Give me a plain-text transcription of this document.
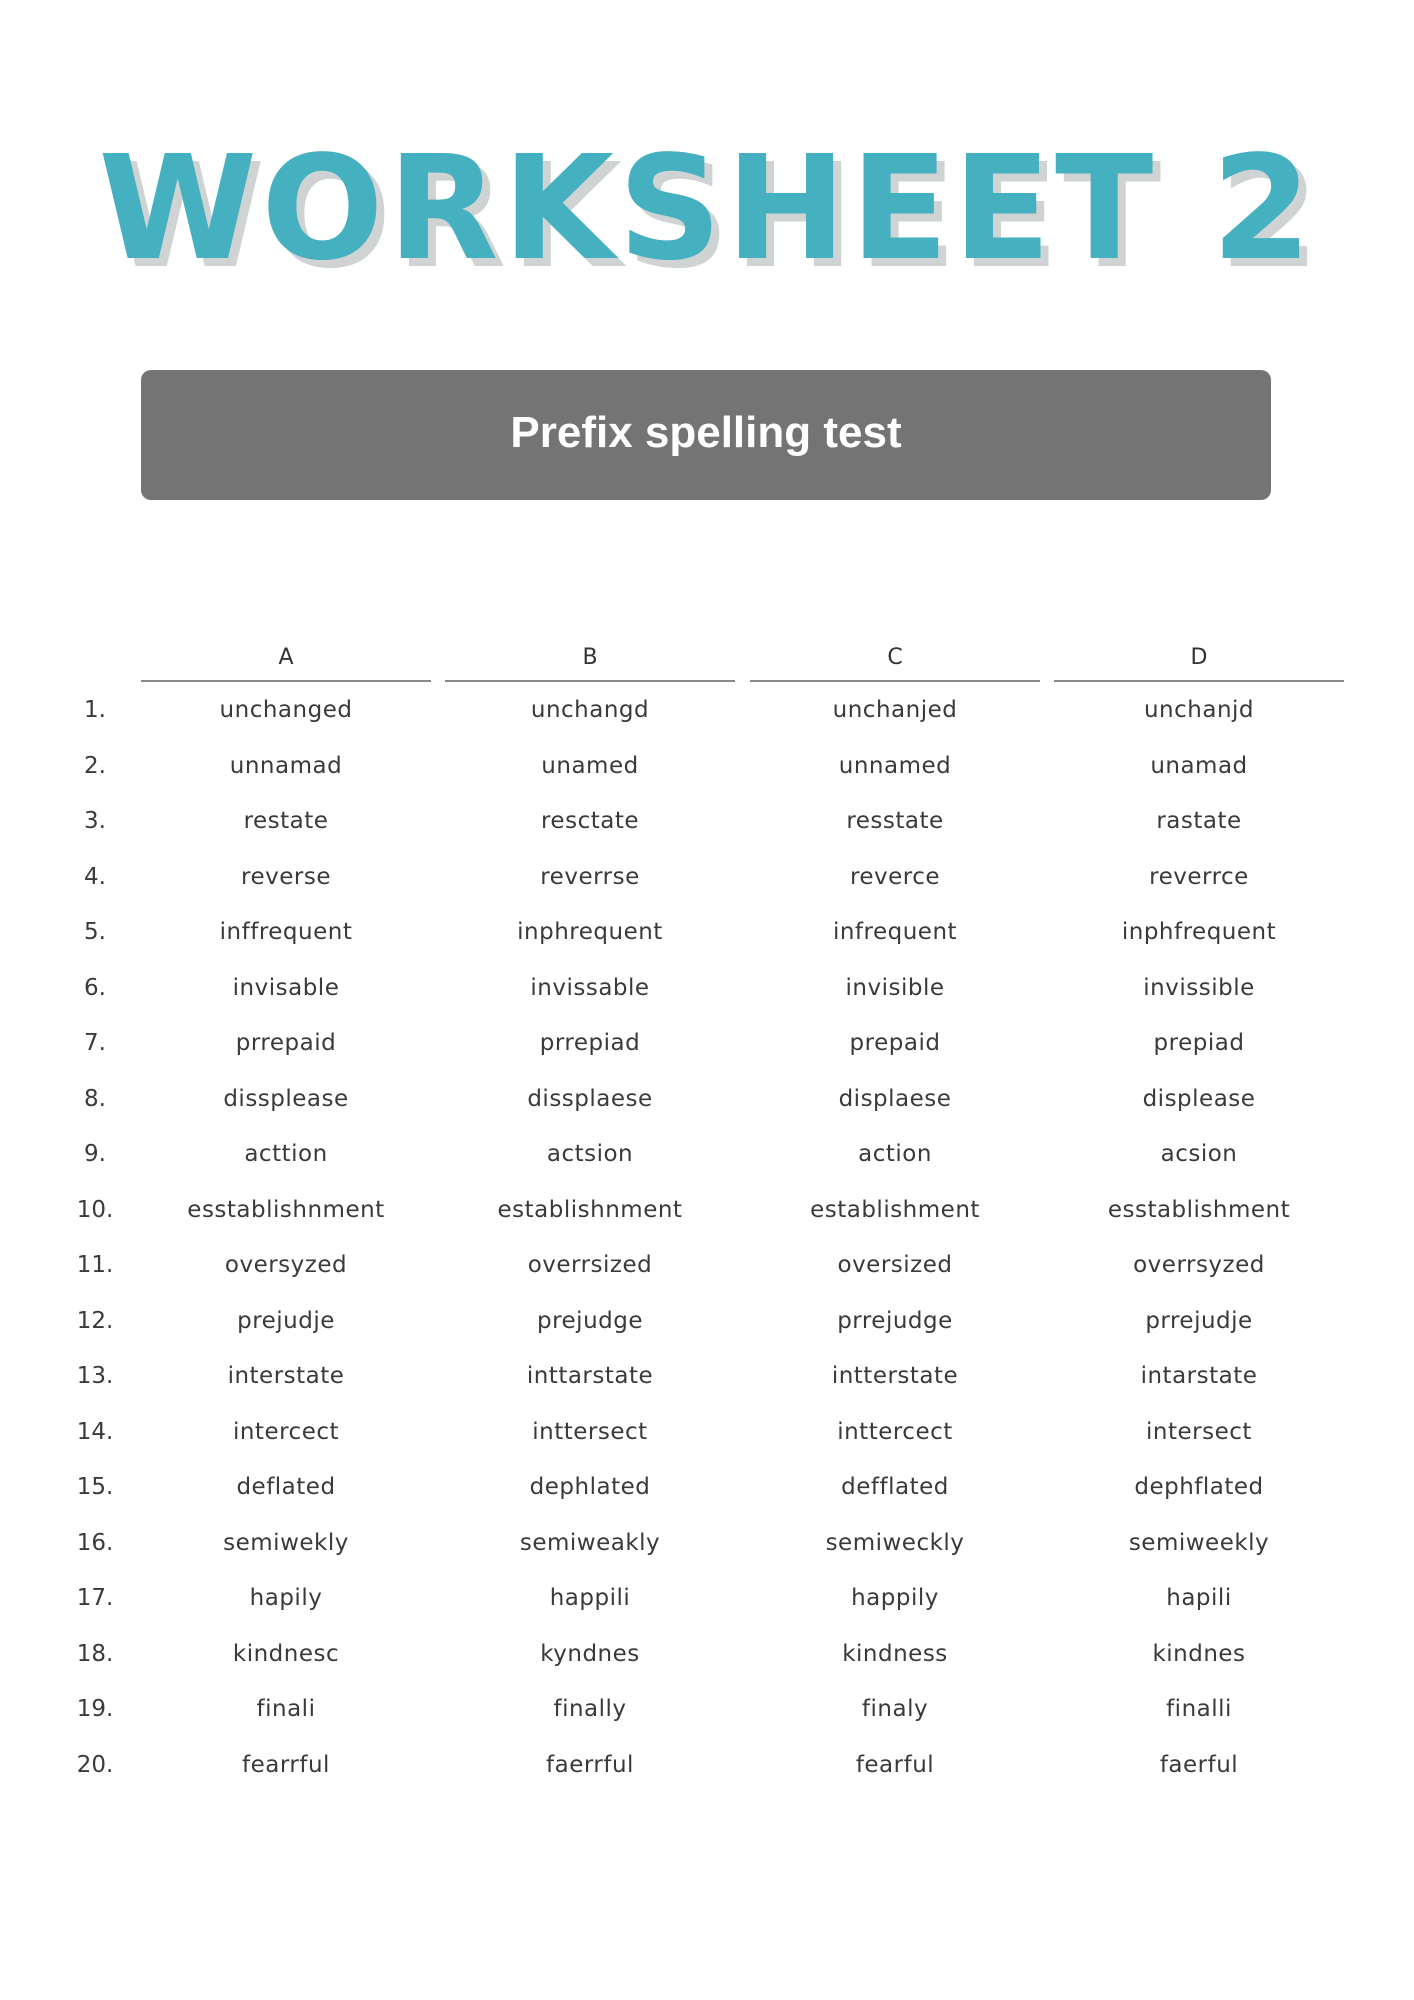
WORKSHEET 2
Prefix spelling test
A	B	C	D
1.	unchanged	unchangd	unchanjed	unchanjd
2.	unnamad	unamed	unnamed	unamad
3.	restate	resctate	resstate	rastate
4.	reverse	reverrse	reverce	reverrce
5.	inffrequent	inphrequent	infrequent	inphfrequent
6.	invisable	invissable	invisible	invissible
7.	prrepaid	prrepiad	prepaid	prepiad
8.	dissplease	dissplaese	displaese	displease
9.	acttion	actsion	action	acsion
10.	esstablishnment	establishnment	establishment	esstablishment
11.	oversyzed	overrsized	oversized	overrsyzed
12.	prejudje	prejudge	prrejudge	prrejudje
13.	interstate	inttarstate	intterstate	intarstate
14.	intercect	inttersect	inttercect	intersect
15.	deflated	dephlated	defflated	dephflated
16.	semiwekly	semiweakly	semiweckly	semiweekly
17.	hapily	happili	happily	hapili
18.	kindnesc	kyndnes	kindness	kindnes
19.	finali	finally	finaly	finalli
20.	fearrful	faerrful	fearful	faerful
